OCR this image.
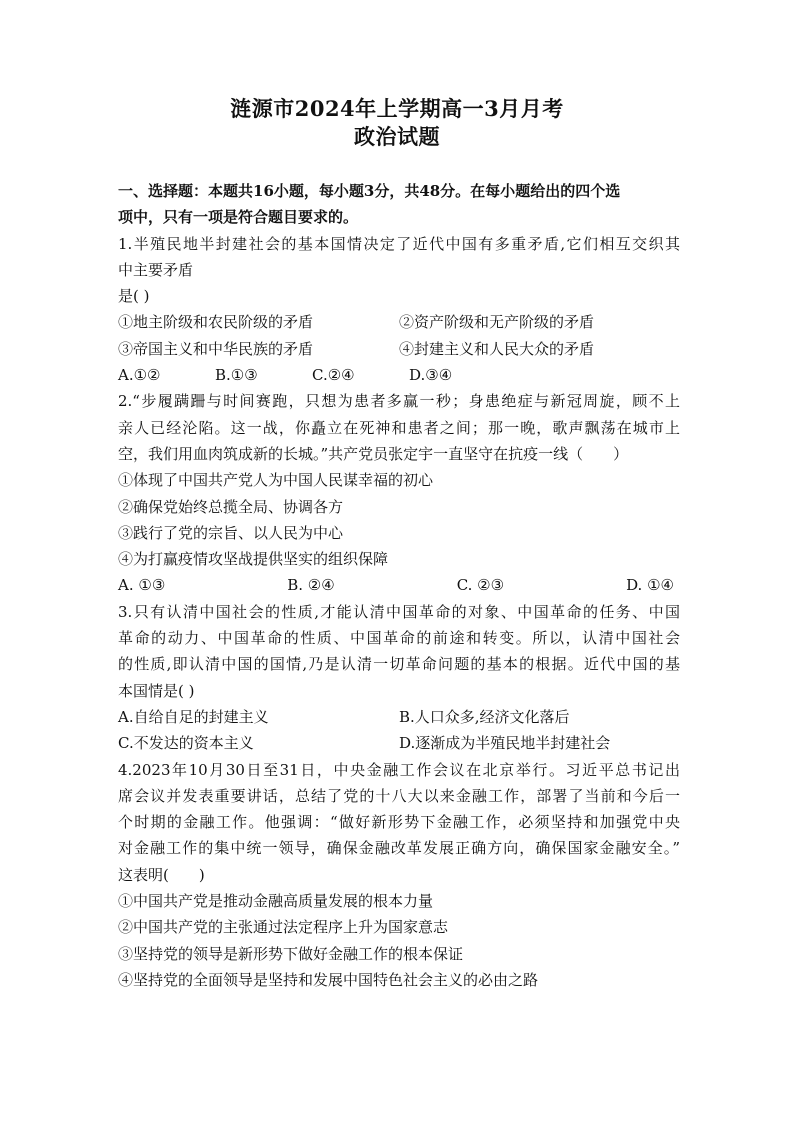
涟源市2024年上学期高一3月月考
政治试题
一、选择题：本题共16小题，每小题3分，共48分。在每小题给出的四个选
项中，只有一项是符合题目要求的。
1.半殖民地半封建社会的基本国情决定了近代中国有多重矛盾,它们相互交织其
中主要矛盾
是( )
①地主阶级和农民阶级的矛盾	②资产阶级和无产阶级的矛盾
③帝国主义和中华民族的矛盾	④封建主义和人民大众的矛盾
A.①②	B.①③	C.②④	D.③④
2.“步履蹒跚与时间赛跑，只想为患者多赢一秒；身患绝症与新冠周旋，顾不上
亲人已经沦陷。这一战，你矗立在死神和患者之间；那一晚，歌声飘荡在城市上
空，我们用血肉筑成新的长城。”共产党员张定宇一直坚守在抗疫一线（　　）
①体现了中国共产党人为中国人民谋幸福的初心
②确保党始终总揽全局、协调各方
③践行了党的宗旨、以人民为中心
④为打赢疫情攻坚战提供坚实的组织保障
A. ①③	B. ②④	C. ②③	D. ①④
3.只有认清中国社会的性质,才能认清中国革命的对象、中国革命的任务、中国
革命的动力、中国革命的性质、中国革命的前途和转变。所以，认清中国社会
的性质,即认清中国的国情,乃是认清一切革命问题的基本的根据。近代中国的基
本国情是( )
A.自给自足的封建主义	B.人口众多,经济文化落后
C.不发达的资本主义	D.逐渐成为半殖民地半封建社会
4.2023年10月30日至31日，中央金融工作会议在北京举行。习近平总书记出
席会议并发表重要讲话，总结了党的十八大以来金融工作，部署了当前和今后一
个时期的金融工作。他强调：“做好新形势下金融工作，必须坚持和加强党中央
对金融工作的集中统一领导，确保金融改革发展正确方向，确保国家金融安全。”
这表明(　　)
①中国共产党是推动金融高质量发展的根本力量
②中国共产党的主张通过法定程序上升为国家意志
③坚持党的领导是新形势下做好金融工作的根本保证
④坚持党的全面领导是坚持和发展中国特色社会主义的必由之路
